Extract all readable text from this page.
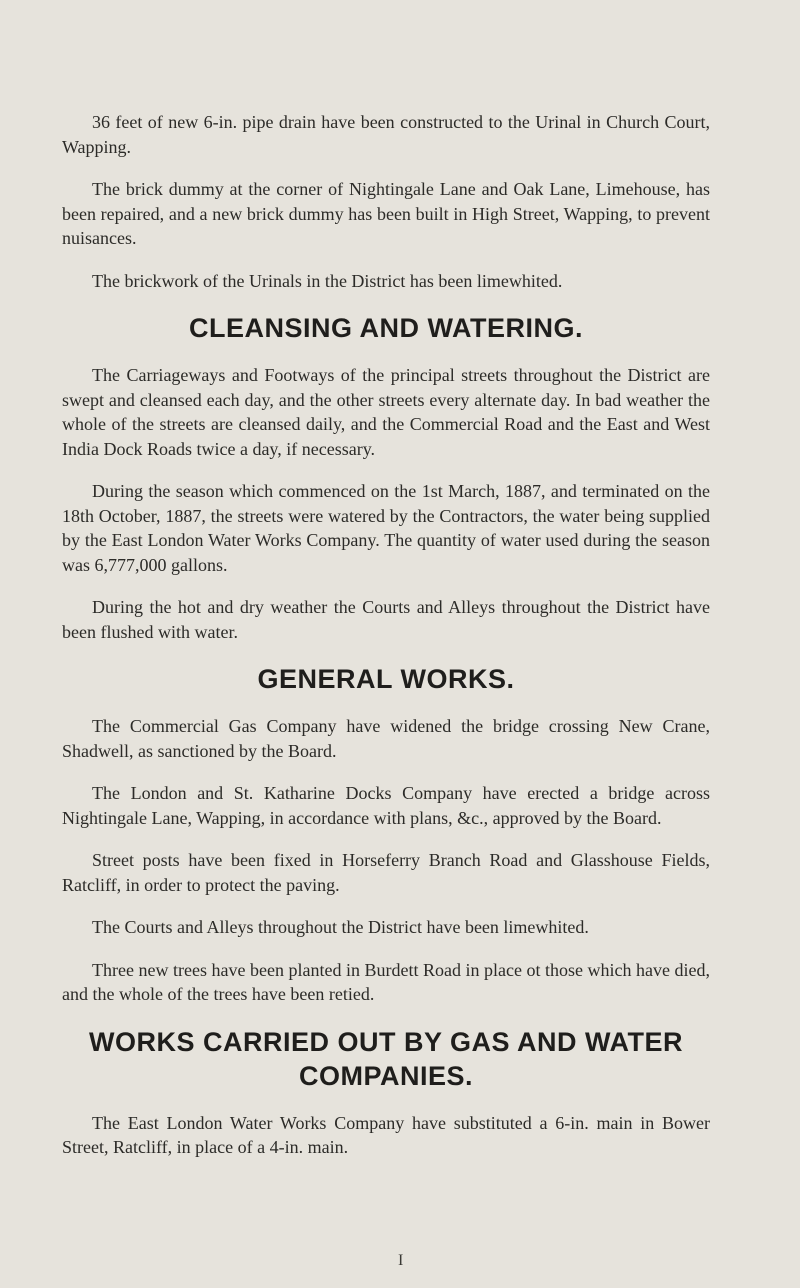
36 feet of new 6-in. pipe drain have been constructed to the Urinal in Church Court, Wapping.

The brick dummy at the corner of Nightingale Lane and Oak Lane, Limehouse, has been repaired, and a new brick dummy has been built in High Street, Wapping, to prevent nuisances.

The brickwork of the Urinals in the District has been limewhited.

CLEANSING AND WATERING.

The Carriageways and Footways of the principal streets throughout the District are swept and cleansed each day, and the other streets every alternate day. In bad weather the whole of the streets are cleansed daily, and the Commercial Road and the East and West India Dock Roads twice a day, if necessary.

During the season which commenced on the 1st March, 1887, and terminated on the 18th October, 1887, the streets were watered by the Contractors, the water being supplied by the East London Water Works Company. The quantity of water used during the season was 6,777,000 gallons.

During the hot and dry weather the Courts and Alleys throughout the District have been flushed with water.

GENERAL WORKS.

The Commercial Gas Company have widened the bridge crossing New Crane, Shadwell, as sanctioned by the Board.

The London and St. Katharine Docks Company have erected a bridge across Nightingale Lane, Wapping, in accordance with plans, &c., approved by the Board.

Street posts have been fixed in Horseferry Branch Road and Glasshouse Fields, Ratcliff, in order to protect the paving.

The Courts and Alleys throughout the District have been limewhited.

Three new trees have been planted in Burdett Road in place ot those which have died, and the whole of the trees have been retied.

WORKS CARRIED OUT BY GAS AND WATER COMPANIES.

The East London Water Works Company have substituted a 6-in. main in Bower Street, Ratcliff, in place of a 4-in. main.

I
